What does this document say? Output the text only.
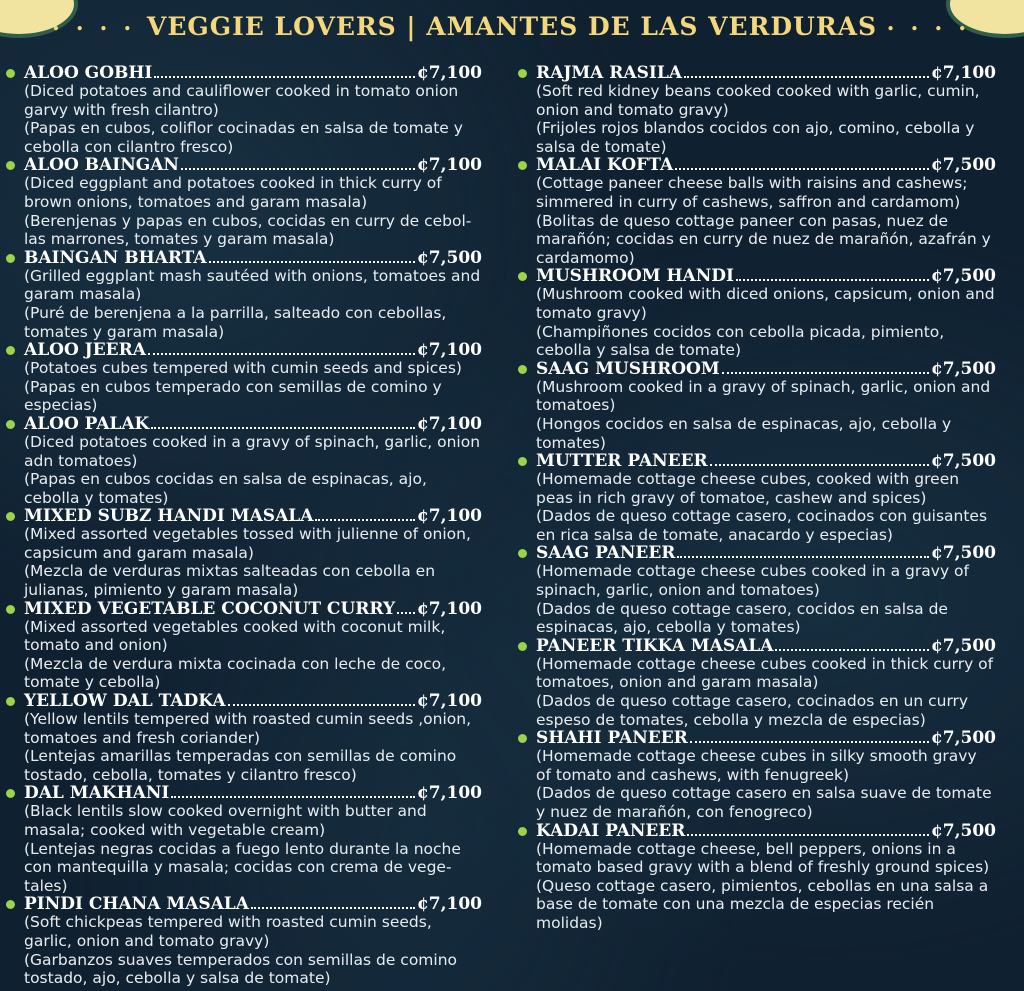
• • • • VEGGIE LOVERS | AMANTES DE LAS VERDURAS • • • •
ALOO GOBHI	¢7,100
(Diced potatoes and cauliflower cooked in tomato onion garvy with fresh cilantro)
(Papas en cubos, coliflor cocinadas en salsa de tomate y cebolla con cilantro fresco)
ALOO BAINGAN	¢7,100
(Diced eggplant and potatoes cooked in thick curry of brown onions, tomatoes and garam masala)
(Berenjenas y papas en cubos, cocidas en curry de cebol-las marrones, tomates y garam masala)
BAINGAN BHARTA	¢7,500
(Grilled eggplant mash sautéed with onions, tomatoes and garam masala)
(Puré de berenjena a la parrilla, salteado con cebollas, tomates y garam masala)
ALOO JEERA	¢7,100
(Potatoes cubes tempered with cumin seeds and spices)
(Papas en cubos temperado con semillas de comino y especias)
ALOO PALAK	¢7,100
(Diced potatoes cooked in a gravy of spinach, garlic, onion adn tomatoes)
(Papas en cubos cocidas en salsa de espinacas, ajo, cebolla y tomates)
MIXED SUBZ HANDI MASALA	¢7,100
(Mixed assorted vegetables tossed with julienne of onion, capsicum and garam masala)
(Mezcla de verduras mixtas salteadas con cebolla en julianas, pimiento y garam masala)
MIXED VEGETABLE COCONUT CURRY ¢7,100
(Mixed assorted vegetables cooked with coconut milk, tomato and onion)
(Mezcla de verdura mixta cocinada con leche de coco, tomate y cebolla)
YELLOW DAL TADKA	¢7,100
(Yellow lentils tempered with roasted cumin seeds ,onion, tomatoes and fresh coriander)
(Lentejas amarillas temperadas con semillas de comino tostado, cebolla, tomates y cilantro fresco)
DAL MAKHANI	¢7,100
(Black lentils slow cooked overnight with butter and masala; cooked with vegetable cream)
(Lentejas negras cocidas a fuego lento durante la noche con mantequilla y masala; cocidas con crema de vege-tales)
PINDI CHANA MASALA	¢7,100
(Soft chickpeas tempered with roasted cumin seeds, garlic, onion and tomato gravy)
(Garbanzos suaves temperados con semillas de comino tostado, ajo, cebolla y salsa de tomate)
RAJMA RASILA	¢7,100
(Soft red kidney beans cooked cooked with garlic, cumin, onion and tomato gravy)
(Frijoles rojos blandos cocidos con ajo, comino, cebolla y salsa de tomate)
MALAI KOFTA	¢7,500
(Cottage paneer cheese balls with raisins and cashews; simmered in curry of cashews, saffron and cardamom)
(Bolitas de queso cottage paneer con pasas, nuez de marañón; cocidas en curry de nuez de marañón, azafrán y cardamomo)
MUSHROOM HANDI	¢7,500
(Mushroom cooked with diced onions, capsicum, onion and tomato gravy)
(Champiñones cocidos con cebolla picada, pimiento, cebolla y salsa de tomate)
SAAG MUSHROOM	¢7,500
(Mushroom cooked in a gravy of spinach, garlic, onion and tomatoes)
(Hongos cocidos en salsa de espinacas, ajo, cebolla y tomates)
MUTTER PANEER	¢7,500
(Homemade cottage cheese cubes, cooked with green peas in rich gravy of tomatoe, cashew and spices)
(Dados de queso cottage casero, cocinados con guisantes en rica salsa de tomate, anacardo y especias)
SAAG PANEER	¢7,500
(Homemade cottage cheese cubes cooked in a gravy of spinach, garlic, onion and tomatoes)
(Dados de queso cottage casero, cocidos en salsa de espinacas, ajo, cebolla y tomates)
PANEER TIKKA MASALA	¢7,500
(Homemade cottage cheese cubes cooked in thick curry of tomatoes, onion and garam masala)
(Dados de queso cottage casero, cocinados en un curry espeso de tomates, cebolla y mezcla de especias)
SHAHI PANEER	¢7,500
(Homemade cottage cheese cubes in silky smooth gravy of tomato and cashews, with fenugreek)
(Dados de queso cottage casero en salsa suave de tomate y nuez de marañón, con fenogreco)
KADAI PANEER	¢7,500
(Homemade cottage cheese, bell peppers, onions in a tomato based gravy with a blend of freshly ground spices)
(Queso cottage casero, pimientos, cebollas en una salsa a base de tomate con una mezcla de especias recién molidas)
